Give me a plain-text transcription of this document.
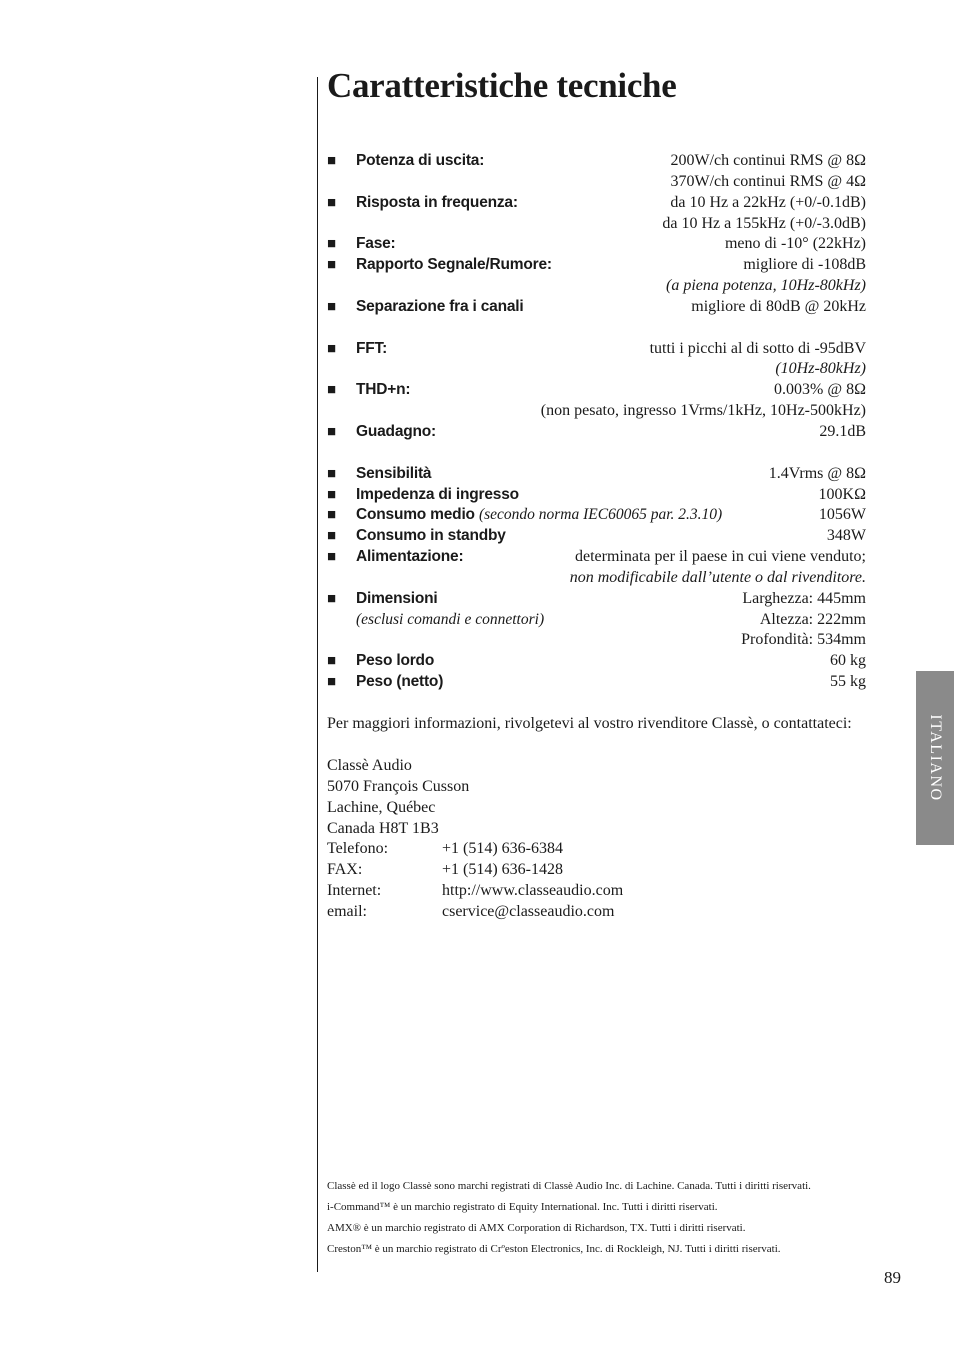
Caratteristiche tecniche
■ Potenza di uscita:	200W/ch continui RMS @ 8Ω
370W/ch continui RMS @ 4Ω
■ Risposta in frequenza:	da 10 Hz a 22kHz (+0/-0.1dB)
da 10 Hz a 155kHz (+0/-3.0dB)
■ Fase:	meno di -10° (22kHz)
■ Rapporto Segnale/Rumore:	migliore di -108dB
(a piena potenza, 10Hz-80kHz)
■ Separazione fra i canali	migliore di 80dB @ 20kHz
■ FFT:	tutti i picchi al di sotto di -95dBV
(10Hz-80kHz)
■ THD+n:	0.003% @ 8Ω
(non pesato, ingresso 1Vrms/1kHz, 10Hz-500kHz)
■ Guadagno:	29.1dB
■ Sensibilità	1.4Vrms @ 8Ω
■ Impedenza di ingresso	100KΩ
■ Consumo medio (secondo norma IEC60065 par. 2.3.10)	1056W
■ Consumo in standby	348W
■ Alimentazione:	determinata per il paese in cui viene venduto;
non modificabile dall’utente o dal rivenditore.
■ Dimensioni	Larghezza: 445mm
(esclusi comandi e connettori)	Altezza: 222mm
Profondità: 534mm
■ Peso lordo	60 kg
■ Peso (netto)	55 kg
Per maggiori informazioni, rivolgetevi al vostro rivenditore Classè, o contattateci:
Classè Audio
5070 François Cusson
Lachine, Québec
Canada H8T 1B3
Telefono:	+1 (514) 636-6384
FAX:	+1 (514) 636-1428
Internet:	http://www.classeaudio.com
email:	cservice@classeaudio.com
Classè ed il logo Classè sono marchi registrati di Classè Audio Inc. di Lachine. Canada. Tutti i diritti riservati.
i-Command™ è un marchio registrato di Equity International. Inc. Tutti i diritti riservati.
AMX® è un marchio registrato di AMX Corporation di Richardson, TX. Tutti i diritti riservati.
Creston™ è un marchio registrato di Crºeston Electronics, Inc. di Rockleigh, NJ. Tutti i diritti riservati.
89
ITALIANO
